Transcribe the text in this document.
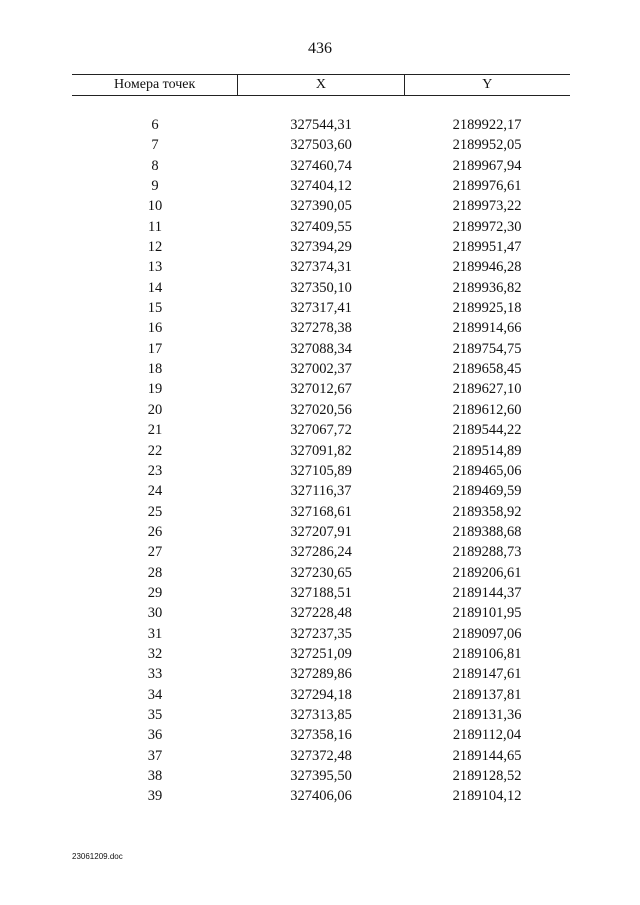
436
Номера точек	X	Y
6	327544,31	2189922,17
7	327503,60	2189952,05
8	327460,74	2189967,94
9	327404,12	2189976,61
10	327390,05	2189973,22
11	327409,55	2189972,30
12	327394,29	2189951,47
13	327374,31	2189946,28
14	327350,10	2189936,82
15	327317,41	2189925,18
16	327278,38	2189914,66
17	327088,34	2189754,75
18	327002,37	2189658,45
19	327012,67	2189627,10
20	327020,56	2189612,60
21	327067,72	2189544,22
22	327091,82	2189514,89
23	327105,89	2189465,06
24	327116,37	2189469,59
25	327168,61	2189358,92
26	327207,91	2189388,68
27	327286,24	2189288,73
28	327230,65	2189206,61
29	327188,51	2189144,37
30	327228,48	2189101,95
31	327237,35	2189097,06
32	327251,09	2189106,81
33	327289,86	2189147,61
34	327294,18	2189137,81
35	327313,85	2189131,36
36	327358,16	2189112,04
37	327372,48	2189144,65
38	327395,50	2189128,52
39	327406,06	2189104,12
23061209.doc
